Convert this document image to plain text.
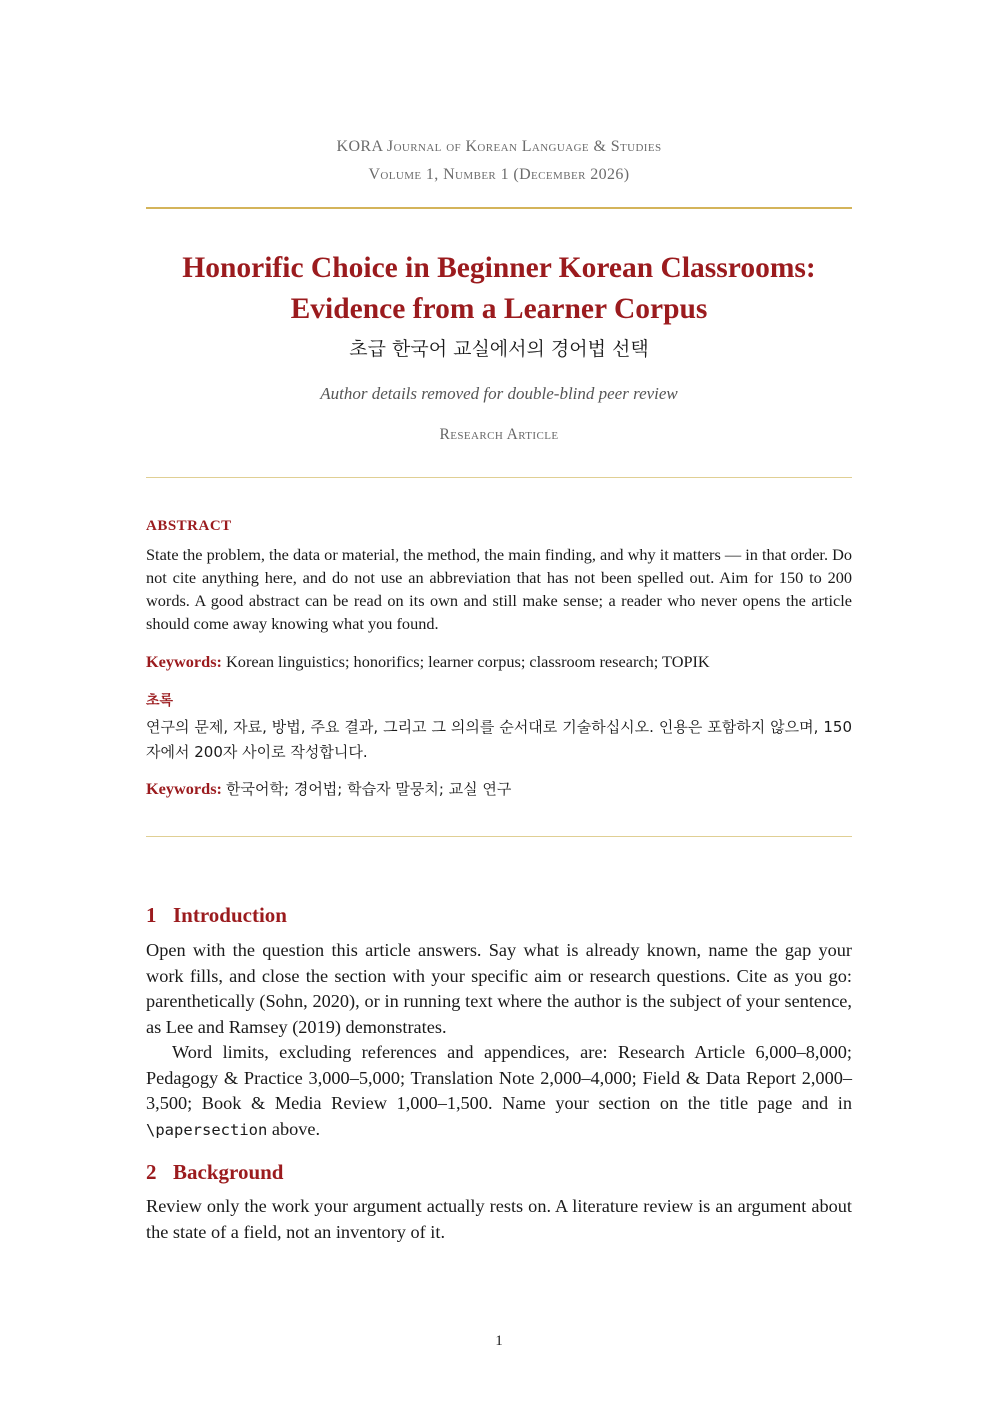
KORA Journal of Korean Language & Studies
Volume 1, Number 1 (December 2026)
Honorific Choice in Beginner Korean Classrooms:
Evidence from a Learner Corpus
초급 한국어 교실에서의 경어법 선택
Author details removed for double-blind peer review
Research Article
ABSTRACT
State the problem, the data or material, the method, the main finding, and why it matters — in that order. Do not cite anything here, and do not use an abbreviation that has not been spelled out. Aim for 150 to 200 words. A good abstract can be read on its own and still make sense; a reader who never opens the article should come away knowing what you found.
Keywords: Korean linguistics; honorifics; learner corpus; classroom research; TOPIK
초록
연구의 문제, 자료, 방법, 주요 결과, 그리고 그 의의를 순서대로 기술하십시오. 인용은 포함하지 않으며, 150자에서 200자 사이로 작성합니다.
Keywords: 한국어학; 경어법; 학습자 말뭉치; 교실 연구
1 Introduction

Open with the question this article answers. Say what is already known, name the gap your work fills, and close the section with your specific aim or research questions. Cite as you go: parenthetically (Sohn, 2020), or in running text where the author is the subject of your sentence, as Lee and Ramsey (2019) demonstrates.

Word limits, excluding references and appendices, are: Research Article 6,000–8,000; Pedagogy & Practice 3,000–5,000; Translation Note 2,000–4,000; Field & Data Report 2,000–3,500; Book & Media Review 1,000–1,500. Name your section on the title page and in \papersection above.

2 Background

Review only the work your argument actually rests on. A literature review is an argument about the state of a field, not an inventory of it.

1
